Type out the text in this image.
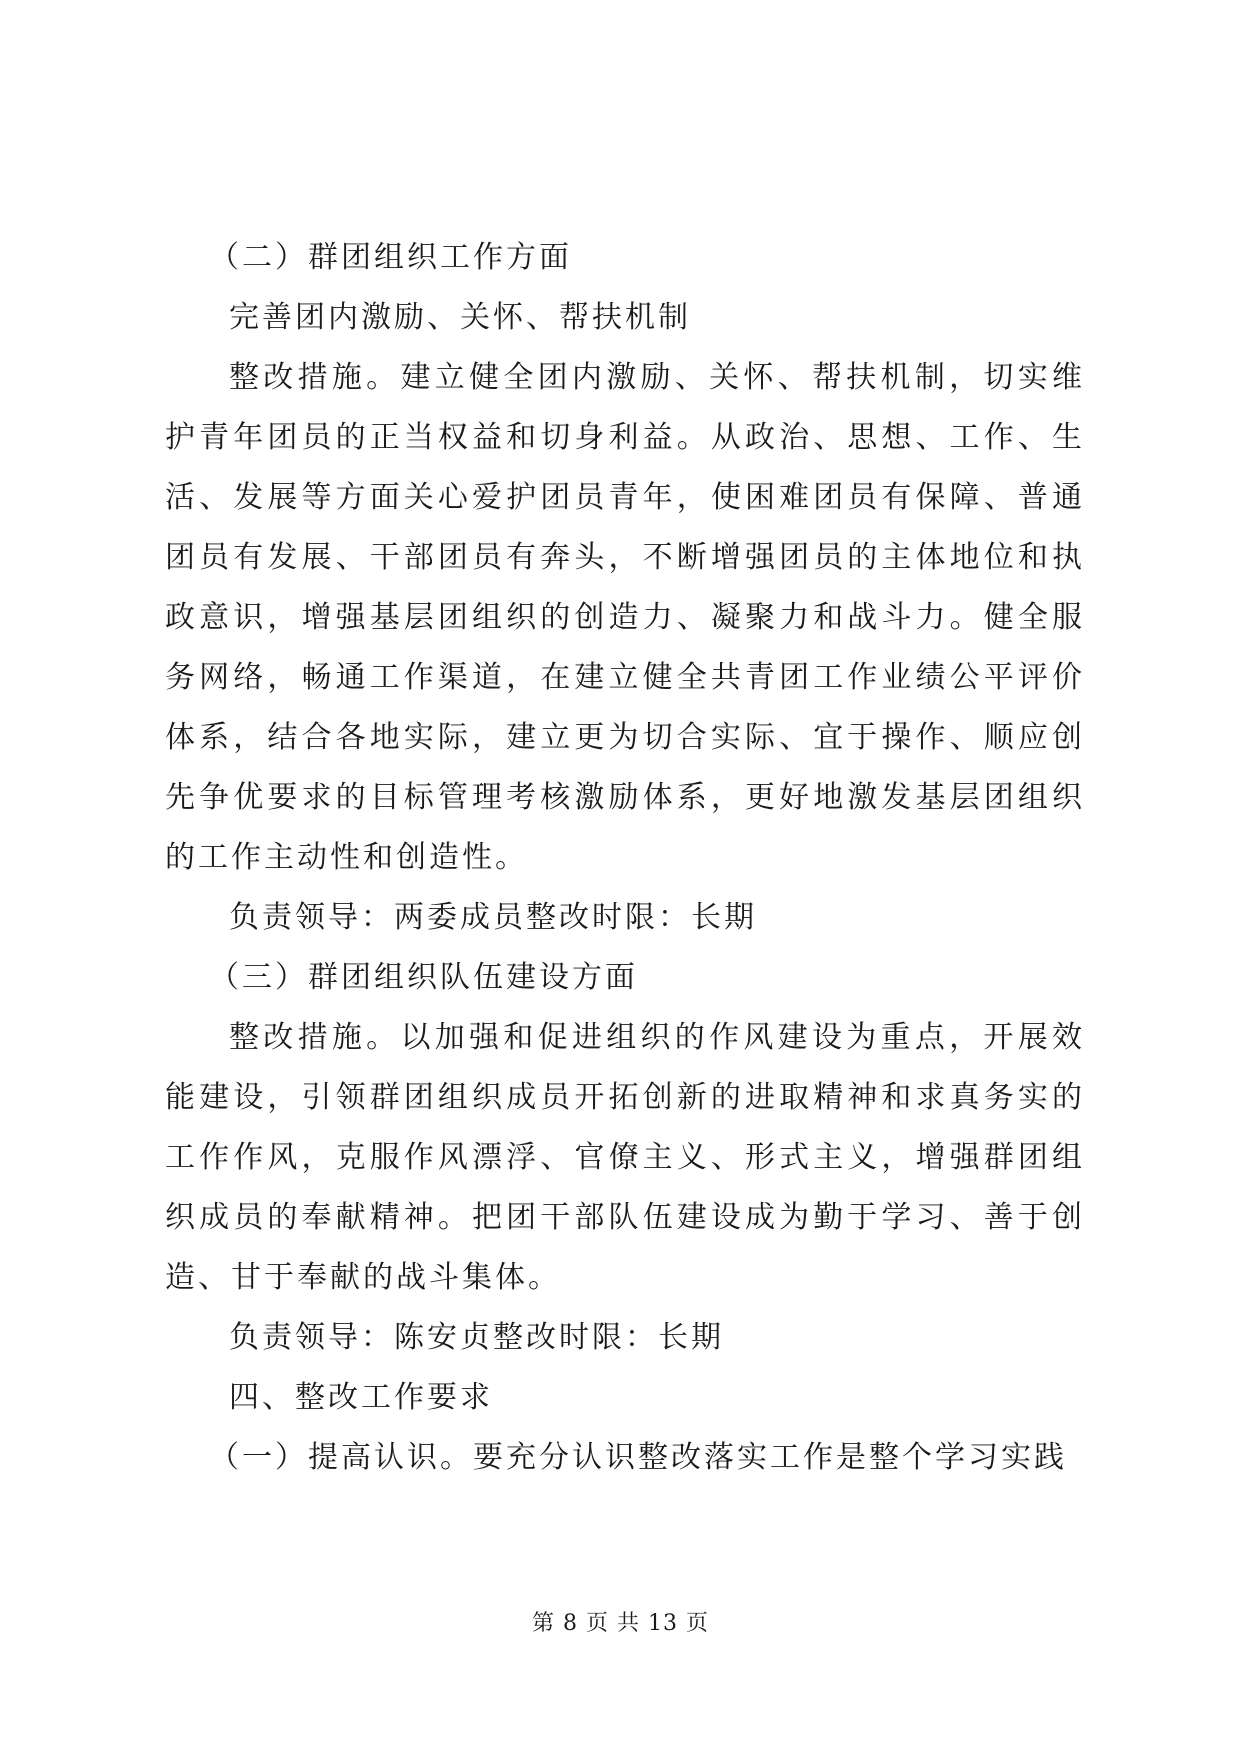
（二）群团组织工作方面

完善团内激励、关怀、帮扶机制

整改措施。建立健全团内激励、关怀、帮扶机制，切实维护青年团员的正当权益和切身利益。从政治、思想、工作、生活、发展等方面关心爱护团员青年，使困难团员有保障、普通团员有发展、干部团员有奔头，不断增强团员的主体地位和执政意识，增强基层团组织的创造力、凝聚力和战斗力。健全服务网络，畅通工作渠道，在建立健全共青团工作业绩公平评价体系，结合各地实际，建立更为切合实际、宜于操作、顺应创先争优要求的目标管理考核激励体系，更好地激发基层团组织的工作主动性和创造性。

负责领导：两委成员整改时限：长期

（三）群团组织队伍建设方面

整改措施。以加强和促进组织的作风建设为重点，开展效能建设，引领群团组织成员开拓创新的进取精神和求真务实的工作作风，克服作风漂浮、官僚主义、形式主义，增强群团组织成员的奉献精神。把团干部队伍建设成为勤于学习、善于创造、甘于奉献的战斗集体。

负责领导：陈安贞整改时限：长期

四、整改工作要求

（一）提高认识。要充分认识整改落实工作是整个学习实践

第 8 页 共 13 页
